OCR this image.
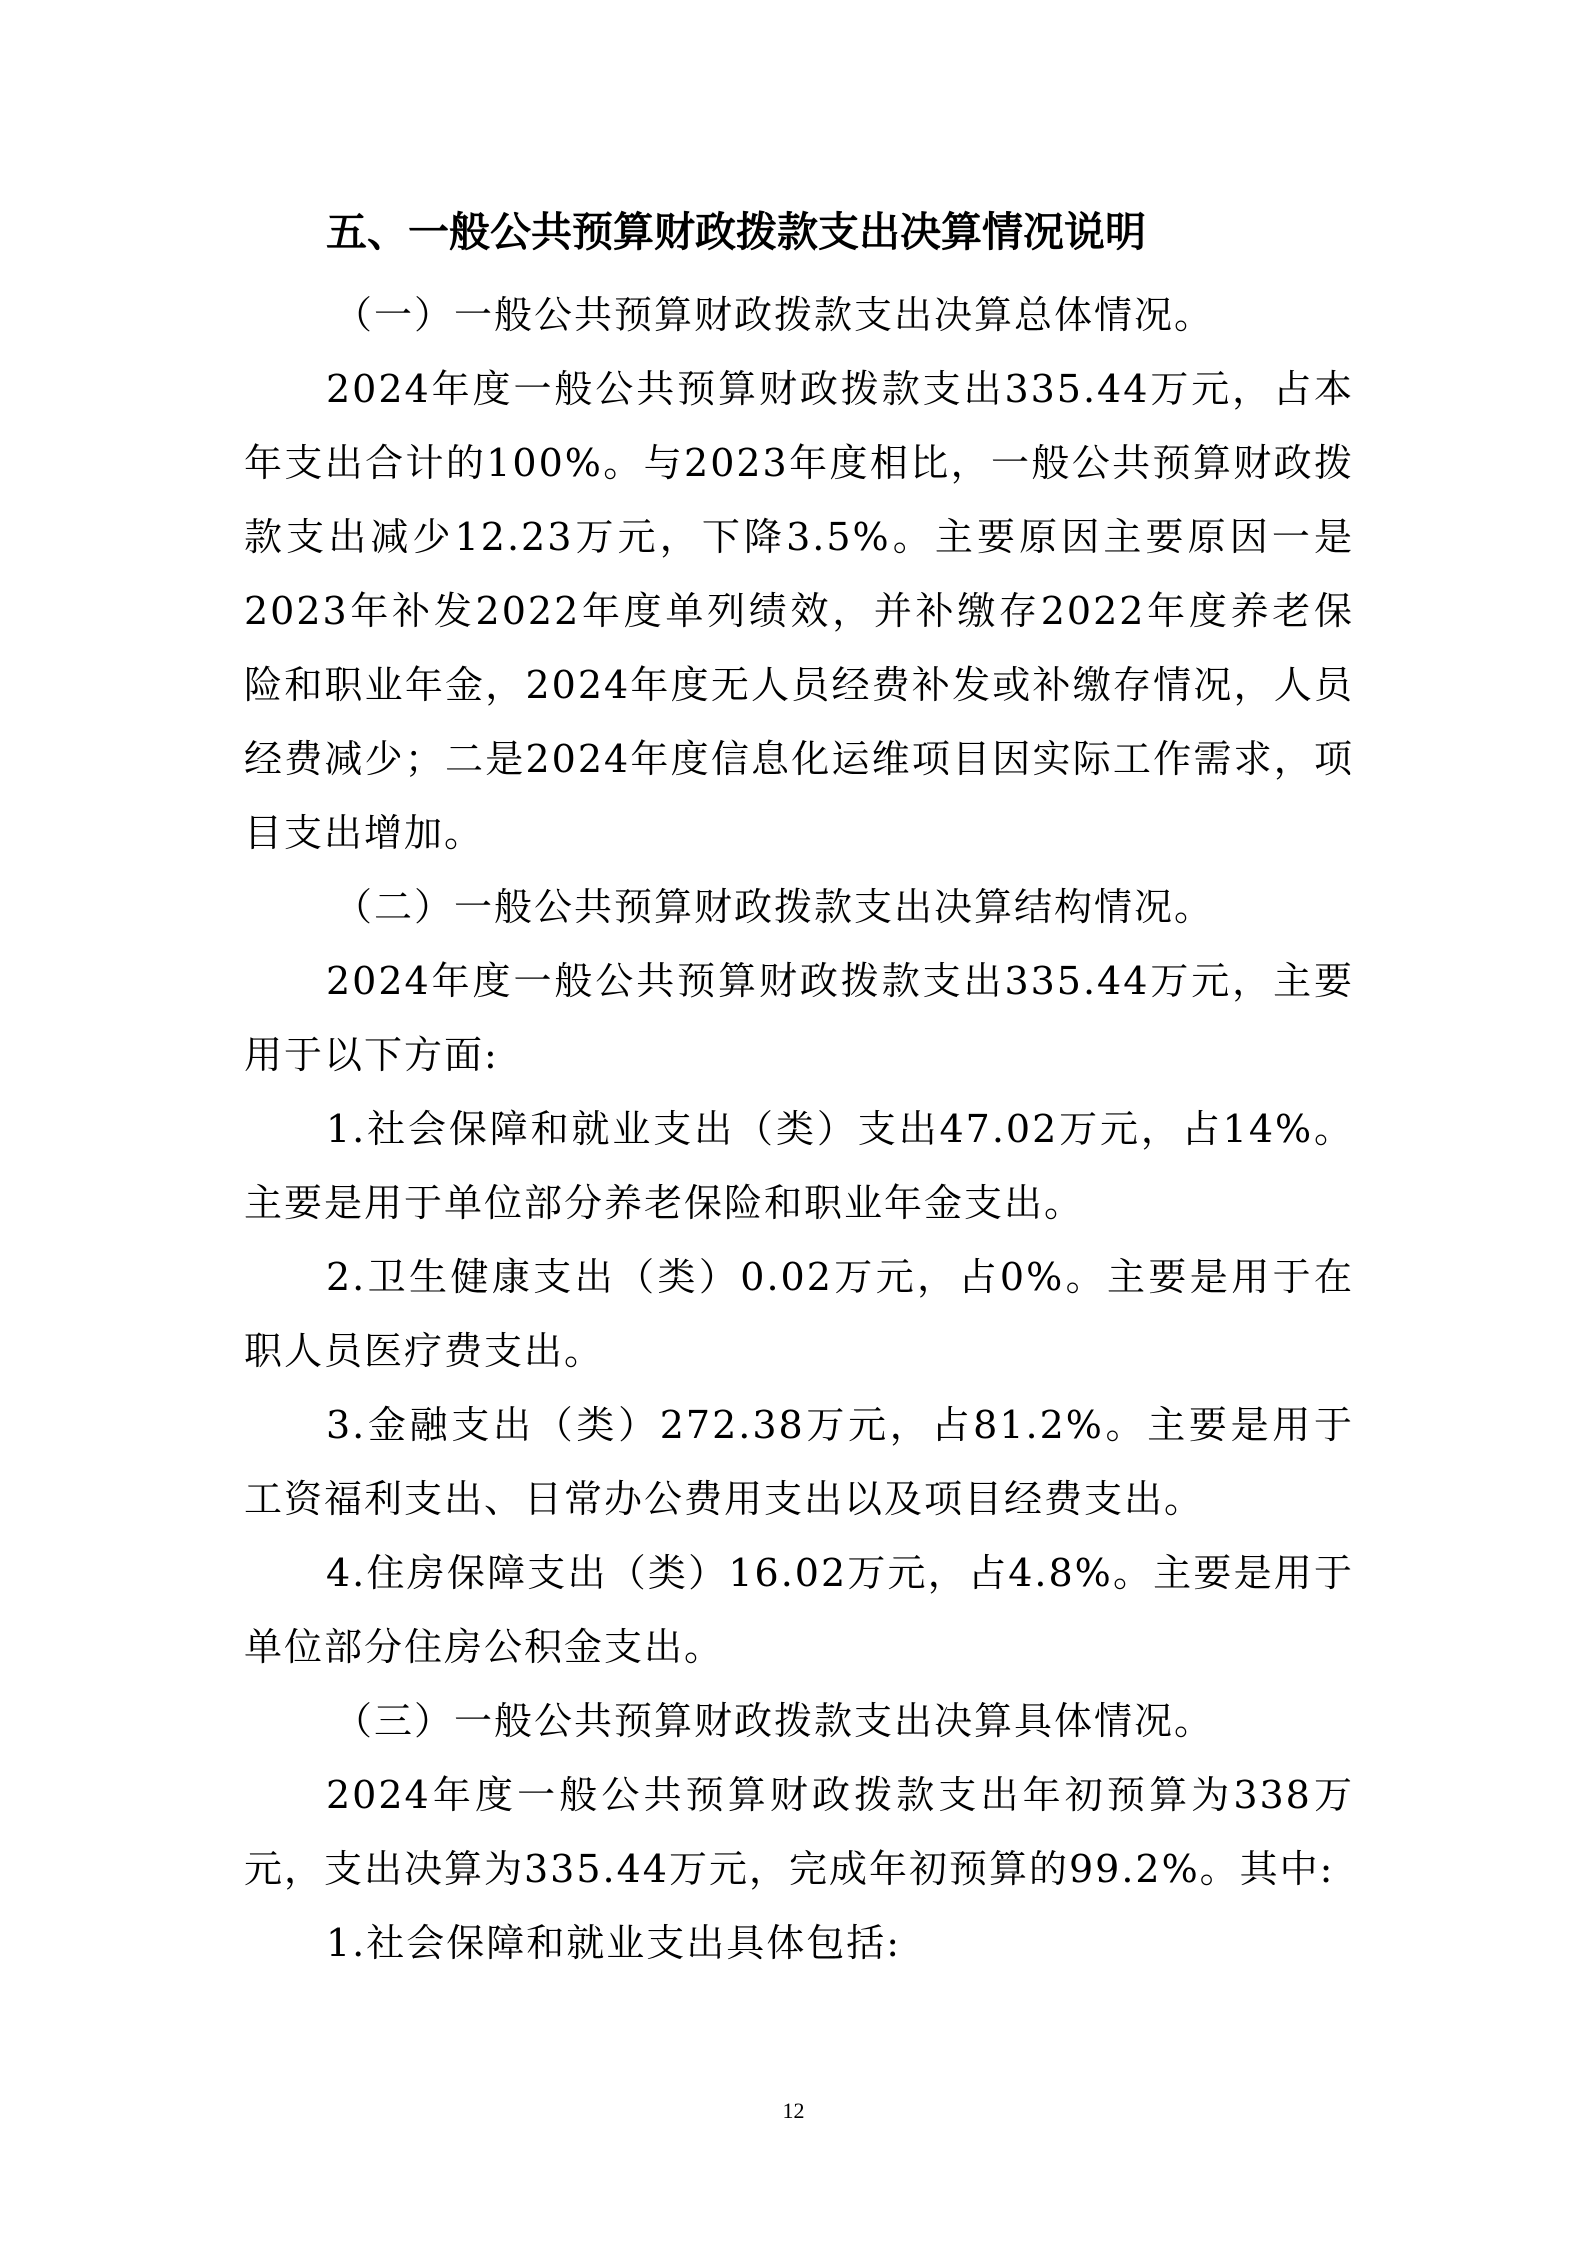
五、一般公共预算财政拨款支出决算情况说明

（一）一般公共预算财政拨款支出决算总体情况。

2024年度一般公共预算财政拨款支出335.44万元，占本年支出合计的100%。与2023年度相比，一般公共预算财政拨款支出减少12.23万元，下降3.5%。主要原因主要原因一是2023年补发2022年度单列绩效，并补缴存2022年度养老保险和职业年金，2024年度无人员经费补发或补缴存情况，人员经费减少；二是2024年度信息化运维项目因实际工作需求，项目支出增加。

（二）一般公共预算财政拨款支出决算结构情况。

2024年度一般公共预算财政拨款支出335.44万元，主要用于以下方面:

1.社会保障和就业支出（类）支出47.02万元，占14%。主要是用于单位部分养老保险和职业年金支出。

2.卫生健康支出（类）0.02万元，占0%。主要是用于在职人员医疗费支出。

3.金融支出（类）272.38万元，占81.2%。主要是用于工资福利支出、日常办公费用支出以及项目经费支出。

4.住房保障支出（类）16.02万元，占4.8%。主要是用于单位部分住房公积金支出。

（三）一般公共预算财政拨款支出决算具体情况。

2024年度一般公共预算财政拨款支出年初预算为338万元，支出决算为335.44万元，完成年初预算的99.2%。其中:

1.社会保障和就业支出具体包括:

12
